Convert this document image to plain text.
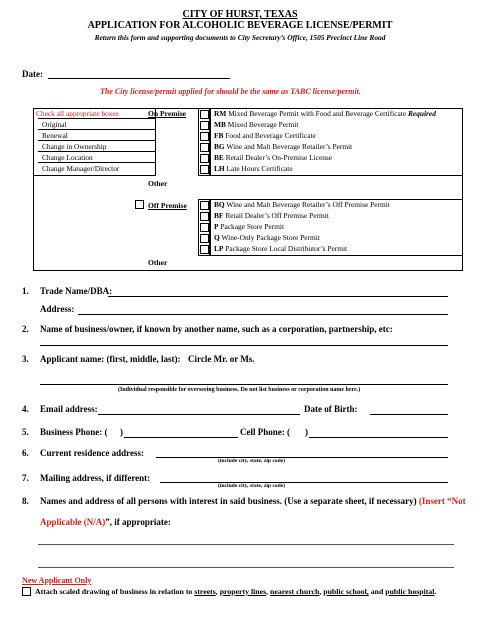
CITY OF HURST, TEXAS
APPLICATION FOR ALCOHOLIC BEVERAGE LICENSE/PERMIT
Return this form and supporting documents to City Secretary’s Office, 1505 Precinct Line Road
Date:
The City license/permit applied for should be the same as TABC license/permit.
Check all appropriate boxes
Original
Renewal
Change in Ownership
Change Location
Change Manager/Director
On Premise
Other
RM Mixed Beverage Permit with Food and Beverage Certificate Required
MB Mixed Beverage Permit
FB Food and Beverage Certificate
BG Wine and Malt Beverage Retailer’s Permit
BE Retail Dealer’s On-Premise License
LH Late Hours Certificate
Off Premise
Other
BQ Wine and Malt Beverage Retailer’s Off Premise Permit
BF Retail Dealer’s Off Premise Permit
P Package Store Permit
Q Wine-Only Package Store Permit
LP Package Store Local Distributor’s Permit
1. Trade Name/DBA:
Address:
2. Name of business/owner, if known by another name, such as a corporation, partnership, etc:
3. Applicant name: (first, middle, last): Circle Mr. or Ms.
(Individual responsible for overseeing business. Do not list business or corporation name here.)
4. Email address:	Date of Birth:
5. Business Phone: ( )	Cell Phone: ( )
6. Current residence address:
(include city, state, zip code)
7. Mailing address, if different:
(include city, state, zip code)
8. Names and address of all persons with interest in said business. (Use a separate sheet, if necessary) (Insert “Not
Applicable (N/A)”, if appropriate:
New Applicant Only
Attach scaled drawing of business in relation to streets, property lines, nearest church, public school, and public hospital.
